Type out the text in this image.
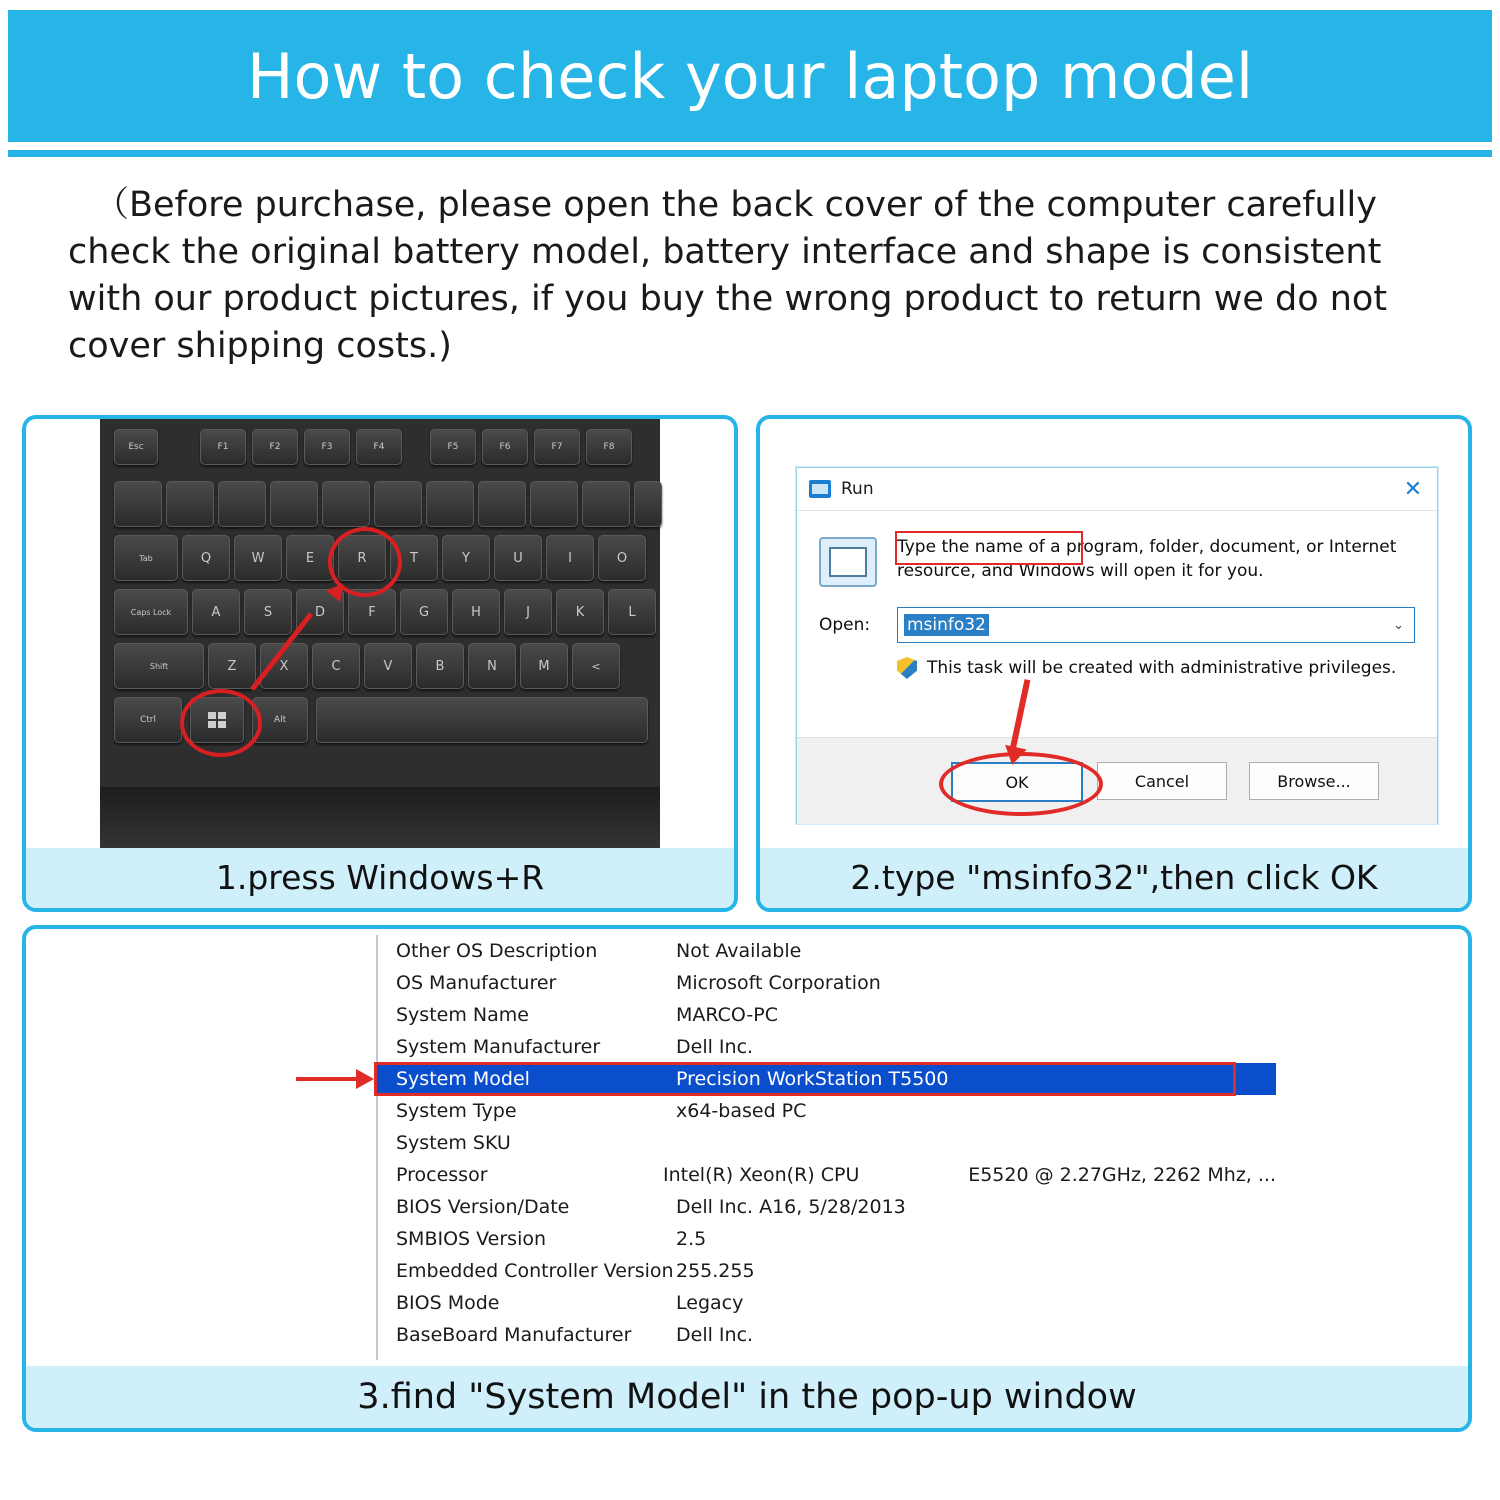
How to check your laptop model
（Before purchase, please open the back cover of the computer carefully check the original battery model, battery interface and shape is consistent with our product pictures, if you buy the wrong product to return we do not cover shipping costs.)
Esc	F1	F2	F3	F4	F5	F6	F7	F8
Tab	Q	W	E	R	T	Y	U	I	O
Caps Lock	A	S	D	F	G	H	J	K	L
Shift	Z	X	C	V	B	N	M	<
Ctrl	Alt
1.press Windows+R
Run	✕
Type the name of a program, folder, document, or Internet resource, and Windows will open it for you.
Open: msinfo32	⌄
This task will be created with administrative privileges.
OK	Cancel	Browse...
2.type "msinfo32",then click OK
Other OS Description	Not Available
OS Manufacturer	Microsoft Corporation
System Name	MARCO-PC
System Manufacturer	Dell Inc.
System Model	Precision WorkStation T5500
System Type	x64-based PC
System SKU
Processor	Intel(R) Xeon(R) CPU	E5520 @ 2.27GHz, 2262 Mhz, ...
BIOS Version/Date	Dell Inc. A16, 5/28/2013
SMBIOS Version	2.5
Embedded Controller Version 255.255
BIOS Mode	Legacy
BaseBoard Manufacturer	Dell Inc.
3.find "System Model" in the pop-up window
